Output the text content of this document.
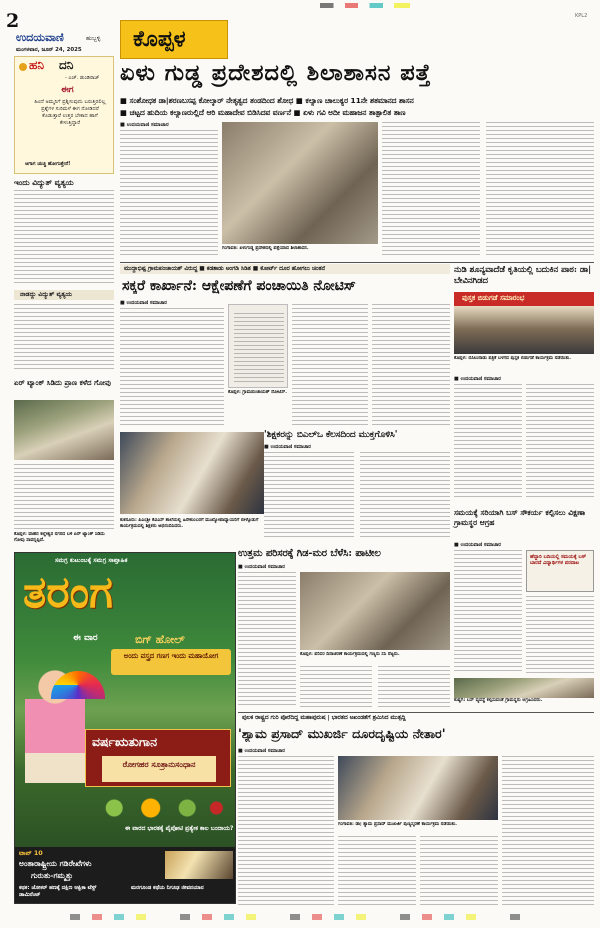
2
ಉದಯವಾಣಿ	ಹುಬ್ಬಳ್ಳಿ
ಮಂಗಳವಾರ, ಜೂನ್ 24, 2025 ಕೊಪ್ಪಳ
KPL2
ಹನಿ ದನಿ
- ಎಚ್. ಡುಂಡಿರಾಜ್
ಈಗ
ಹಿಂದೆ ಅಮ್ಮನಿಗೆ ಪ್ರಶ್ನಿಸುವುದು ಬರುತ್ತಿರಲಿಲ್ಲ ಪ್ರಶ್ನೆಗಳ ಸುರಿಮಳೆ ಈಗ ನೋಡಿದರೆ ಕೊಡುತ್ತಾರೆ ಉತ್ತರ ಬೇಕಾದ ಹಾಗೆ ಕೇಳುತ್ತಿದ್ದಾರೆ
ಆಗಾಗ ಚುಚ್ಚಿ ಹೋಗುತ್ತೇನೆ!
ಇಂದು ವಿದ್ಯುತ್ ವ್ಯತ್ಯಯ
ನಾಡದ್ದು ವಿದ್ಯುತ್ ವ್ಯತ್ಯಯ
ಏರ್ ಟ್ಯಾಂಕ್ ಸಿಡಿದು ಪ್ರಾಣ ಕಳೆದ ಗೋವು
ಕೊಪ್ಪಳ: ವಾಹನ ಕಲ್ಲೇಶ್ವರ ನಗರದ ಬಳಿ ಏರ್ ಟ್ಯಾಂಕ್ ಸಿಡಿದು ಗೋವು ಸಾವನ್ನಪ್ಪಿದೆ.
ಏಳು ಗುಡ್ಡ ಪ್ರದೇಶದಲ್ಲಿ ಶಿಲಾಶಾಸನ ಪತ್ತೆ
■ ಸಂಶೋಧಕ ಡಾ|ಶರಣಬಸಪ್ಪ ಕೋಲ್ಕಾರ್ ನೇತೃತ್ವದ ತಂಡದಿಂದ ಶೋಧ ■ ಕಲ್ಯಾಣ ಚಾಲುಕ್ಯರ 11ನೇ ಶತಮಾನದ ಶಾಸನ
■ ಚಟ್ಟದ ಹುದಿಯ ಕಲ್ಯಾಣರುಲ್ಲಿದೆ ಆರಿ ಮಹಾದೇವ ಬಿಡಿಸಿದವ ವರ್ಣನೆ ■ ಏಳು ಗವಿ ಅದೀ ಮಹಾಜನ ತಾತ್ಪಾಲಿತ ತಾಣ
■ ಉದಯವಾಣಿ ಸಮಾಚಾರ
ಗಂಗಾವತಿ: ಏಳುಗುಡ್ಡ ಪ್ರದೇಶದಲ್ಲಿ ಪತ್ತೆಯಾದ ಶಿಲಾಶಾಸನ.
ಮುದ್ದಾಭಿಷ್ಟ ಗ್ರಾಮಪಂಚಾಯತ್ ವಿರುದ್ಧ ■ ಕಡತಾಡು ಅಂಗಡಿ ಸಿಡಿತ ■ ಕೋರ್ಟ್ ದೂರ ಹೋಗಲು ಚಿಂತನೆ
ಸಕ್ಕರೆ ಕಾರ್ಖಾನೆ: ಆಕ್ಷೇಪಣೆಗೆ ಪಂಚಾಯಿತಿ ನೋಟಿಸ್
■ ಉದಯವಾಣಿ ಸಮಾಚಾರ
ಕೊಪ್ಪಳ: ಗ್ರಾಮಪಂಚಾಯತ್ ನೋಟಿಸ್.
'ಶಿಕ್ಷಕರನ್ನು ಬಿಎಲ್‌ಒ ಕೆಲಸದಿಂದ ಮುಕ್ತಗೊಳಿಸಿ'
■ ಉದಯವಾಣಿ ಸಮಾಚಾರ
ಕುಕನೂರು: ಪಿಎಂಶ್ರೀ ಕೆವಿಎಸ್ ಶಾಲೆಯಲ್ಲಿ ಹಿರೇಕುಂಬರಗೆ ಮುಖ್ಯೋಪಾಧ್ಯಾಯರಿಗೆ ಬೀಳ್ಕೊಡುಗೆ ಕಾರ್ಯಕ್ರಮದಲ್ಲಿ ಶಿಕ್ಷಕರು ಅಭಿನಂದಿಸಿದರು.
ನುಡಿ ಶೂನ್ಯವಾದೆಡೆ ಕೃತಿಯಲ್ಲಿ ಬದುಕಿನ ಪಾಠ: ಡಾ| ಬೇವಿನಗಿಡದ
ಪುಸ್ತಕ ಬಿಡುಗಡೆ ಸಮಾರಂಭ
ಕೊಪ್ಪಳ: ಬಿಸಿಲುನಾಡು ಪತ್ರಿಕೆ ಬಳಗದ ಪುಸ್ತಕ ಬಿಡುಗಡೆ ಕಾರ್ಯಕ್ರಮ ನಡೆಯಿತು.
■ ಉದಯವಾಣಿ ಸಮಾಚಾರ
ಸಮಯಕ್ಕೆ ಸರಿಯಾಗಿ ಬಸ್ ಸೌಕರ್ಯ ಕಲ್ಪಿಸಲು ವಿಕ್ಷಣಾ ಗ್ರಾಮಸ್ಥರ ಆಗ್ರಹ
■ ಉದಯವಾಣಿ ಸಮಾಚಾರ
ಹೆದ್ದಾರಿ ಬದಿಯಲ್ಲಿ ಸಮಯಕ್ಕೆ ಬಸ್ ಬಾರದೆ ವಿದ್ಯಾರ್ಥಿಗಳ ಪರದಾಟ
ಕುಷ್ಟಗಿ: ಬಸ್ ವ್ಯವಸ್ಥೆ ಕಲ್ಪಿಸುವಂತೆ ಗ್ರಾಮಸ್ಥರು ಆಗ್ರಹಿಸಿದರು.
ಉತ್ತಮ ಪರಿಸರಕ್ಕೆ ಗಿಡ-ಮರ ಬೆಳೆಸಿ: ಪಾಟೀಲ
■ ಉದಯವಾಣಿ ಸಮಾಚಾರ
ಕೊಪ್ಪಳ: ಪರಿಸರ ದಿನಾಚರಣೆ ಕಾರ್ಯಕ್ರಮದಲ್ಲಿ ಗಣ್ಯರು ಸಸಿ ನೆಟ್ಟರು.
ಸಮಗ್ರ ಕುಟುಂಬಕ್ಕೆ ಸಮಗ್ರ ಸಾಪ್ತಾಹಿಕ
ತರಂಗ
ಈ ವಾರ	ಬಿಗ್ ಹೋಲ್
ಅಂದು ವಸ್ತ್ರದ ಗಣಗ ಇಂದು ಮಹಾಯೋಗ
ವರ್ಷಋತುಗಾನ
ರೋಗಹರ ಸೂತ್ರಾನುಸಂಧಾನ
ಈ ವಾರದ ಭಾರತಕ್ಕೆ ಪೈಪೋಟಿ ಪ್ರತ್ಯೇಕ ಕಾಲ ಬಂದಾಯ?
ಟಾಪ್ 10
ಅಂತಾರಾಷ್ಟ್ರೀಯ ಗಡಿರೇಖೆಗಳು
ಗುರುತು-ಗಮ್ಮತ್ತು
ಕಥಕ: ಜೋಕರ್ ಹಣಕ್ಕೆ ದಕ್ಷಿಣ ಆಫ್ರಿಕಾ ಟೆಸ್ಟ್ ಡಾಮಿನೆಂಟ್
ಮರಗೂಂಡ ಕಥೆಯ ನಿಗೂಢ ಜೀವನಯಾನ
ಪುಲಕ ರಾಷ್ಟ್ರದ ಗುರಿ ಪೊರೆದಿದ್ದ ಮಹಾಪುರುಷ | ಭಾರತದ ಅಖಂಡತೆಗೆ ಶ್ರಮಿಸಿದ ಮುತ್ಸದ್ದಿ
'ಶ್ಯಾಮ ಪ್ರಸಾದ್ ಮುಖರ್ಜಿ ದೂರದೃಷ್ಟಿಯ ನೇತಾರ'
■ ಉದಯವಾಣಿ ಸಮಾಚಾರ
ಗಂಗಾವತಿ: ಡಾ| ಶ್ಯಾಮ ಪ್ರಸಾದ್ ಮುಖರ್ಜಿ ಪುಣ್ಯಸ್ಮರಣೆ ಕಾರ್ಯಕ್ರಮ ನಡೆಯಿತು.
